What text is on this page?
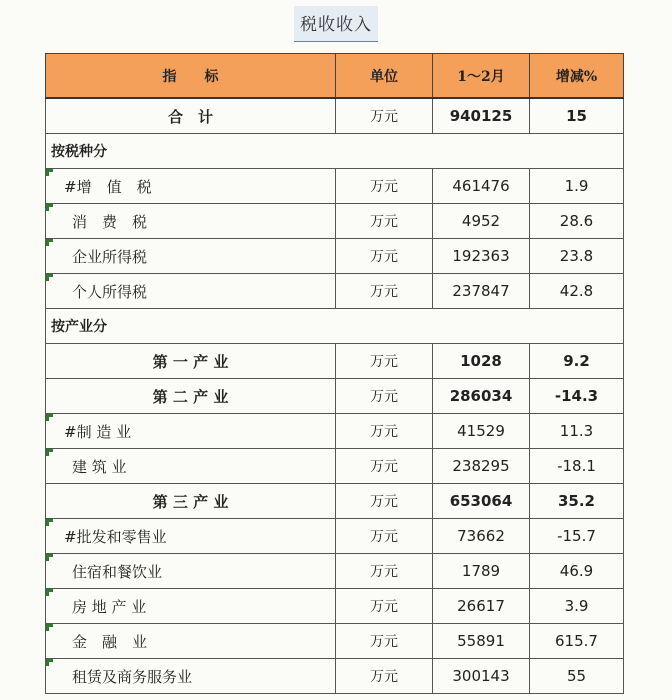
税收收入
指　　标	单位	1～2月	增减%
合　计	万元	940125	15
按税种分			
#增　值　税	万元	461476	1.9
消　费　税	万元	4952	28.6
企业所得税	万元	192363	23.8
个人所得税	万元	237847	42.8
按产业分			
第 一 产 业	万元	1028	9.2
第 二 产 业	万元	286034	-14.3
#制 造 业	万元	41529	11.3
建 筑 业	万元	238295	-18.1
第 三 产 业	万元	653064	35.2
#批发和零售业	万元	73662	-15.7
住宿和餐饮业	万元	1789	46.9
房 地 产 业	万元	26617	3.9
金　融　业	万元	55891	615.7
租赁及商务服务业	万元	300143	55
